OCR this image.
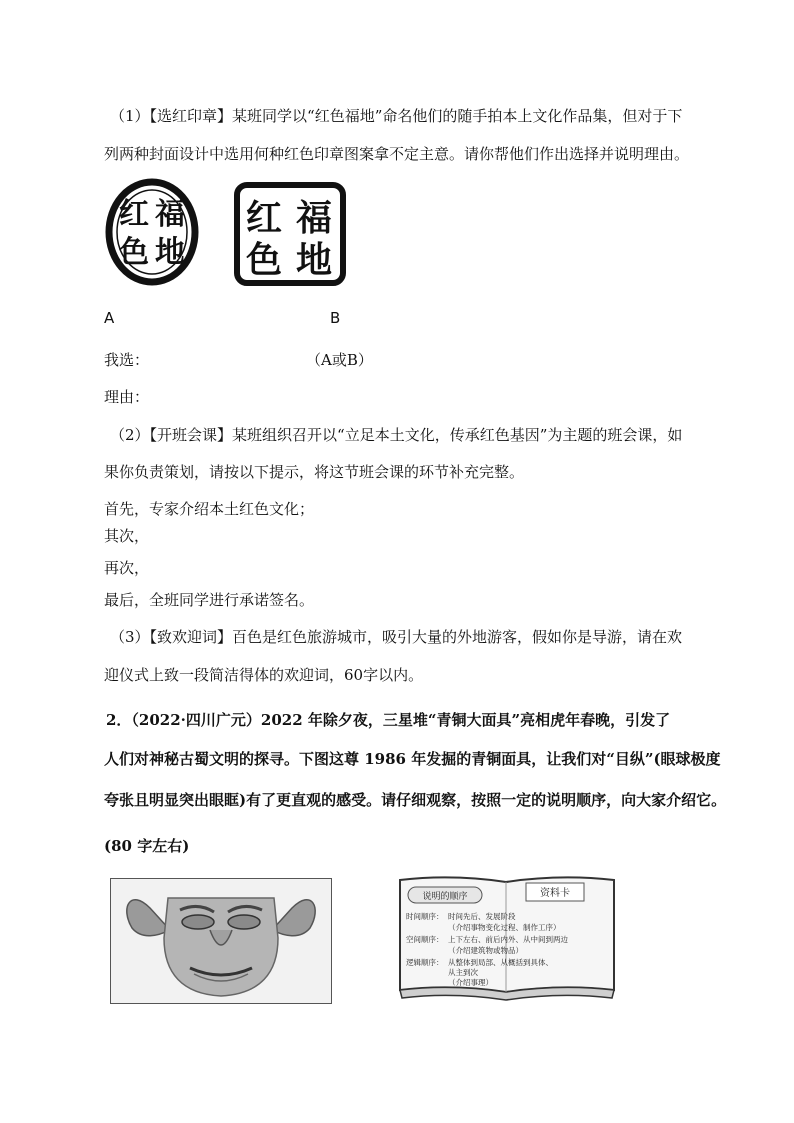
（1）【选红印章】某班同学以“红色福地”命名他们的随手拍本上文化作品集，但对于下
列两种封面设计中选用何种红色印章图案拿不定主意。请你帮他们作出选择并说明理由。
红 福
色 地
红
色
福
地
A	B
我选：	（A或B）
理由：
（2）【开班会课】某班组织召开以“立足本土文化，传承红色基因”为主题的班会课，如
果你负责策划，请按以下提示，将这节班会课的环节补充完整。
首先，专家介绍本土红色文化；
其次，
再次，
最后，全班同学进行承诺签名。
（3）【致欢迎词】百色是红色旅游城市，吸引大量的外地游客，假如你是导游，请在欢
迎仪式上致一段简洁得体的欢迎词，60字以内。
2．（2022·四川广元）2022 年除夕夜，三星堆“青铜大面具”亮相虎年春晚，引发了
人们对神秘古蜀文明的探寻。下图这尊 1986 年发掘的青铜面具，让我们对“目纵”(眼球极度
夸张且明显突出眼眶)有了更直观的感受。请仔细观察，按照一定的说明顺序，向大家介绍它。
(80 字左右)
说明的顺序	资料卡
时间顺序： 时间先后、发展阶段
（介绍事物变化过程、制作工序）
空间顺序： 上下左右、前后内外、从中间到两边
（介绍建筑物或物品）
逻辑顺序： 从整体到局部、从概括到具体、
从主到次
（介绍事理）
